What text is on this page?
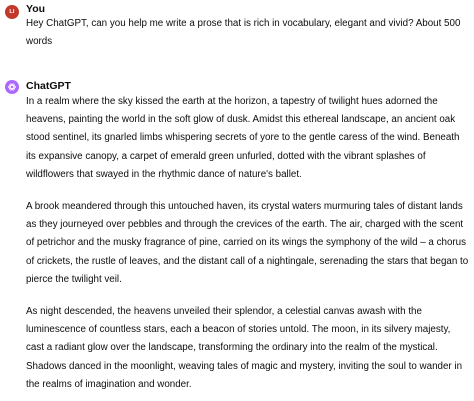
LI You
Hey ChatGPT, can you help me write a prose that is rich in vocabulary, elegant and vivid? About 500 words
ChatGPT

In a realm where the sky kissed the earth at the horizon, a tapestry of twilight hues adorned the heavens, painting the world in the soft glow of dusk. Amidst this ethereal landscape, an ancient oak stood sentinel, its gnarled limbs whispering secrets of yore to the gentle caress of the wind. Beneath its expansive canopy, a carpet of emerald green unfurled, dotted with the vibrant splashes of wildflowers that swayed in the rhythmic dance of nature's ballet.

A brook meandered through this untouched haven, its crystal waters murmuring tales of distant lands as they journeyed over pebbles and through the crevices of the earth. The air, charged with the scent of petrichor and the musky fragrance of pine, carried on its wings the symphony of the wild – a chorus of crickets, the rustle of leaves, and the distant call of a nightingale, serenading the stars that began to pierce the twilight veil.

As night descended, the heavens unveiled their splendor, a celestial canvas awash with the luminescence of countless stars, each a beacon of stories untold. The moon, in its silvery majesty, cast a radiant glow over the landscape, transforming the ordinary into the realm of the mystical. Shadows danced in the moonlight, weaving tales of magic and mystery, inviting the soul to wander in the realms of imagination and wonder.
